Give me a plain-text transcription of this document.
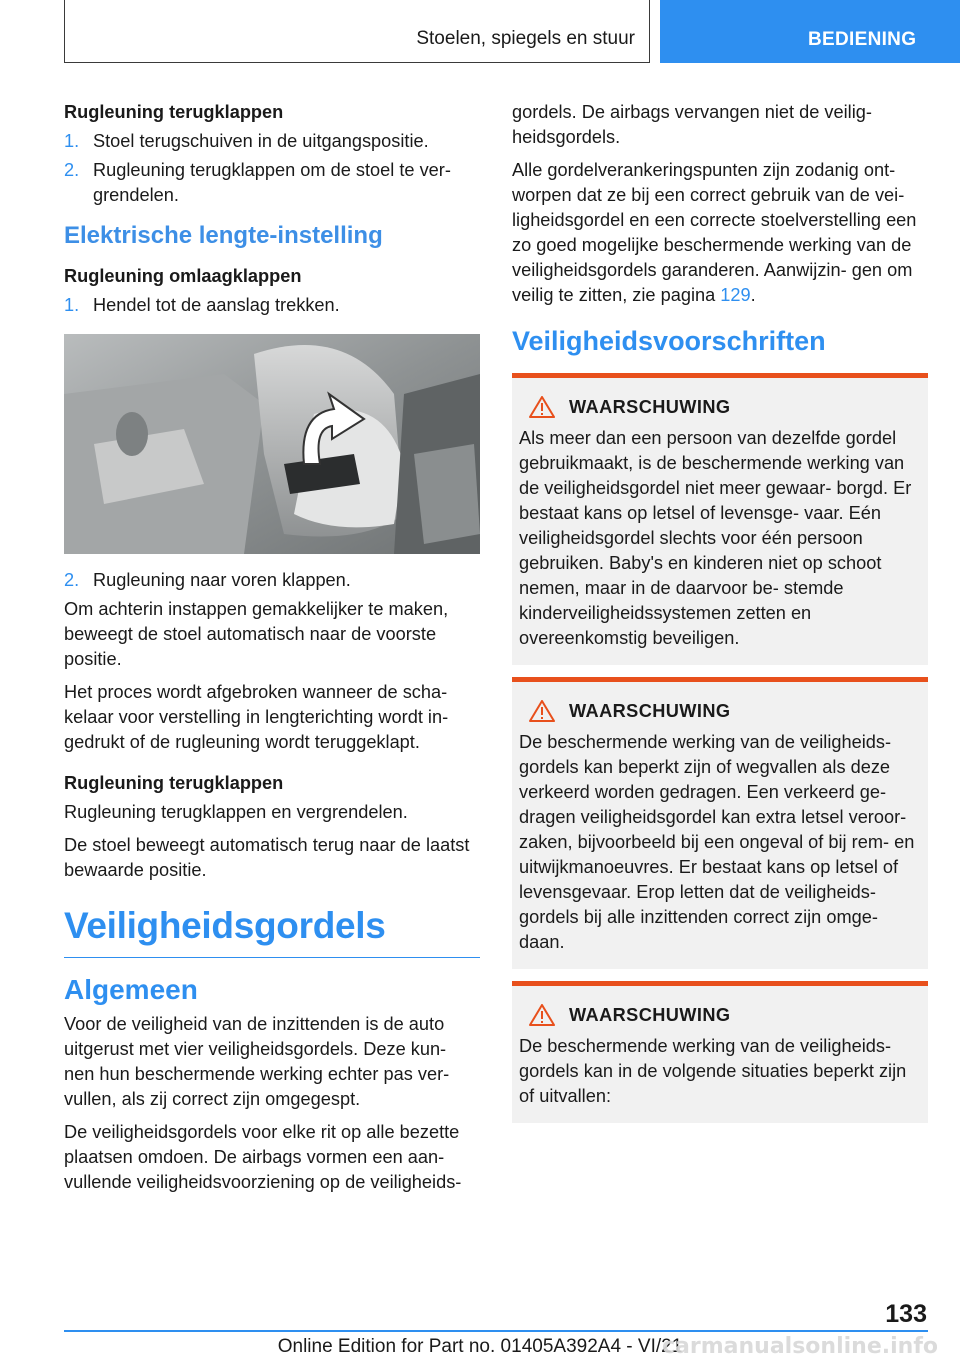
Stoelen, spiegels en stuur	BEDIENING
Rugleuning terugklappen
1. Stoel terugschuiven in de uitgangspositie.
2. Rugleuning terugklappen om de stoel te ver- grendelen.
Elektrische lengte-instelling
Rugleuning omlaagklappen
1. Hendel tot de aanslag trekken.
2. Rugleuning naar voren klappen.

Om achterin instappen gemakkelijker te maken, beweegt de stoel automatisch naar de voorste positie.

Het proces wordt afgebroken wanneer de scha- kelaar voor verstelling in lengterichting wordt in- gedrukt of de rugleuning wordt teruggeklapt.

Rugleuning terugklappen

Rugleuning terugklappen en vergrendelen.

De stoel beweegt automatisch terug naar de laatst bewaarde positie.

Veiligheidsgordels
Algemeen

Voor de veiligheid van de inzittenden is de auto uitgerust met vier veiligheidsgordels. Deze kun- nen hun beschermende werking echter pas ver- vullen, als zij correct zijn omgegespt.

De veiligheidsgordels voor elke rit op alle bezette plaatsen omdoen. De airbags vormen een aan- vullende veiligheidsvoorziening op de veiligheids-

gordels. De airbags vervangen niet de veilig- heidsgordels.

Alle gordelverankeringspunten zijn zodanig ont- worpen dat ze bij een correct gebruik van de vei- ligheidsgordel en een correcte stoelverstelling een zo goed mogelijke beschermende werking van de veiligheidsgordels garanderen. Aanwijzin- gen om veilig te zitten, zie pagina 129.

Veiligheidsvoorschriften
WAARSCHUWING

Als meer dan een persoon van dezelfde gordel gebruikmaakt, is de beschermende werking van de veiligheidsgordel niet meer gewaar- borgd. Er bestaat kans op letsel of levensge- vaar. Eén veiligheidsgordel slechts voor één persoon gebruiken. Baby's en kinderen niet op schoot nemen, maar in de daarvoor be- stemde kinderveiligheidssystemen zetten en overeenkomstig beveiligen.

WAARSCHUWING

De beschermende werking van de veiligheids- gordels kan beperkt zijn of wegvallen als deze verkeerd worden gedragen. Een verkeerd ge- dragen veiligheidsgordel kan extra letsel veroor- zaken, bijvoorbeeld bij een ongeval of bij rem- en uitwijkmanoeuvres. Er bestaat kans op letsel of levensgevaar. Erop letten dat de veiligheids- gordels bij alle inzittenden correct zijn omge- daan.

WAARSCHUWING

De beschermende werking van de veiligheids- gordels kan in de volgende situaties beperkt zijn of uitvallen:

133
Online Edition for Part no. 01405A392A4 - VI/21
carmanualsonline.info
